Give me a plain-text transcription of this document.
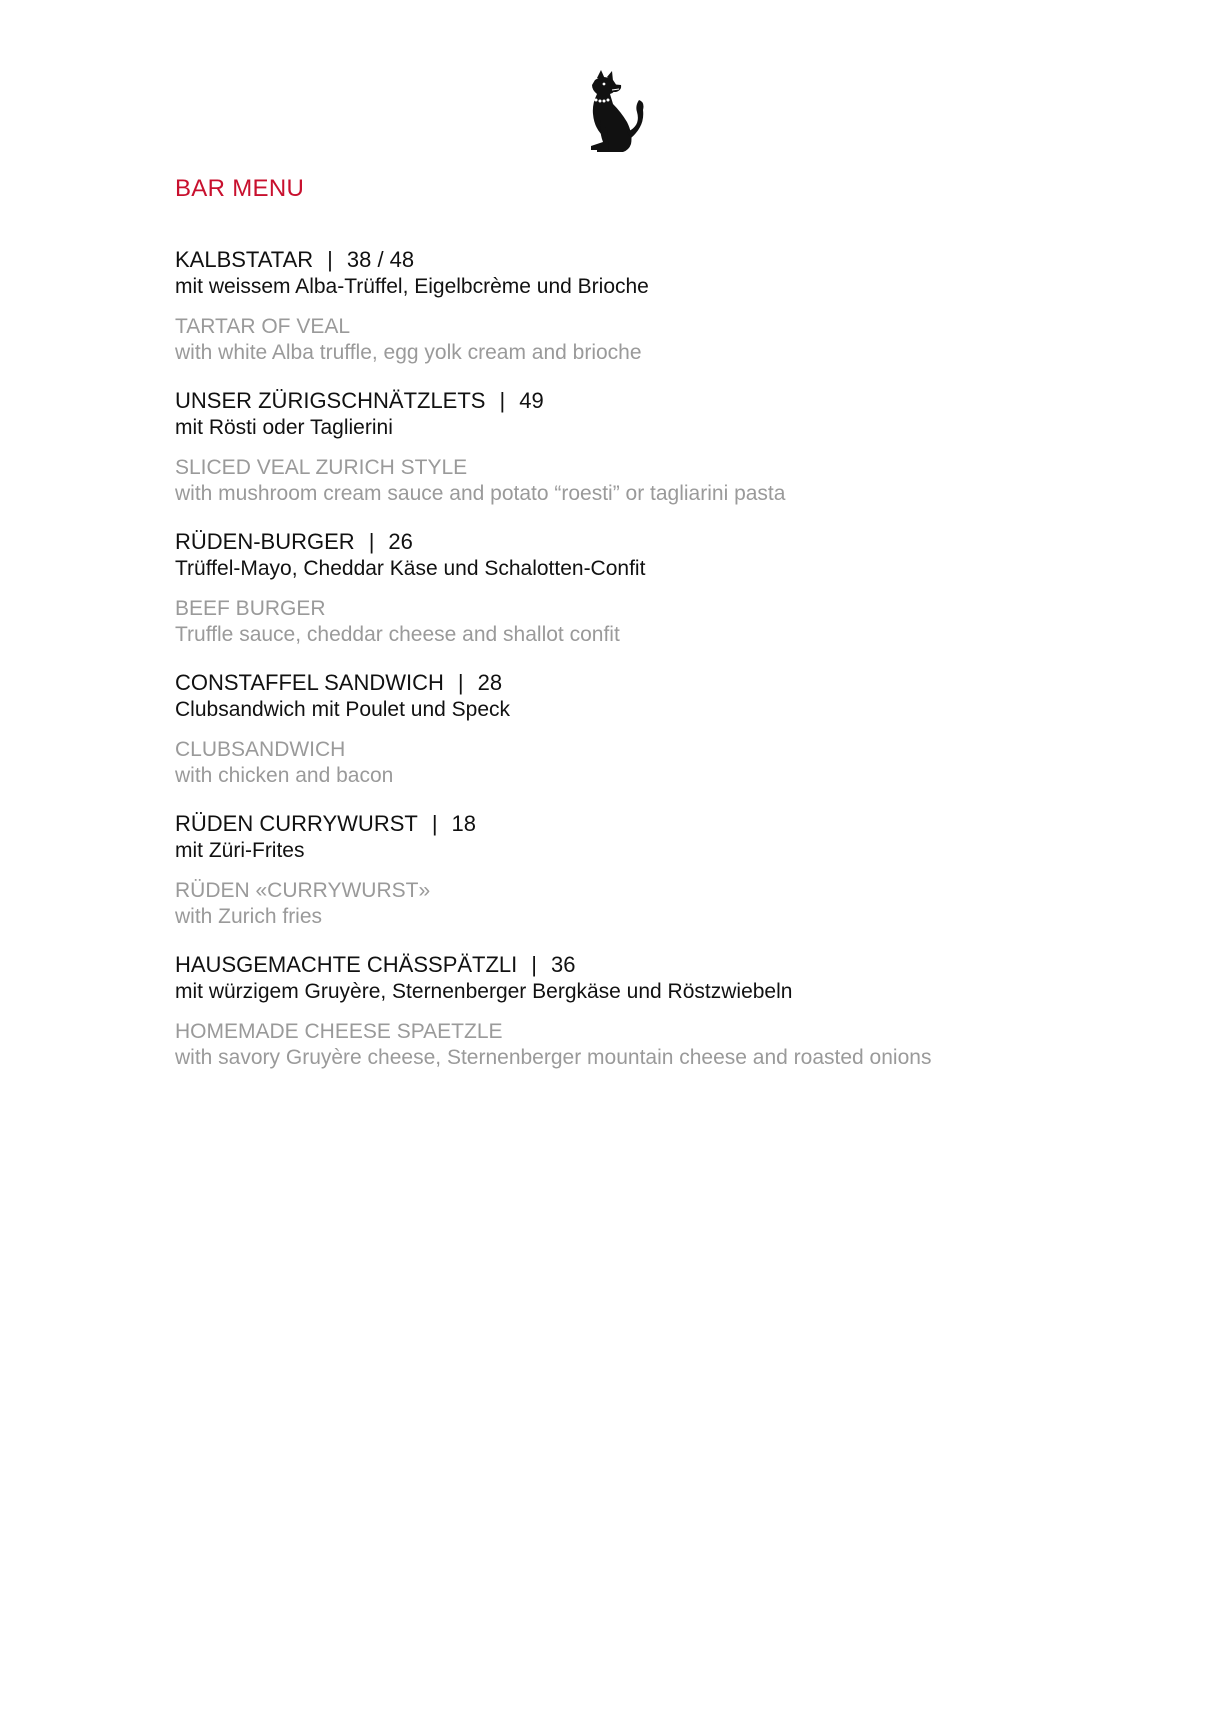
BAR MENU
KALBSTATAR | 38 / 48
mit weissem Alba-Trüffel, Eigelbcrème und Brioche
TARTAR OF VEAL
with white Alba truffle, egg yolk cream and brioche
UNSER ZÜRIGSCHNÄTZLETS | 49
mit Rösti oder Taglierini
SLICED VEAL ZURICH STYLE
with mushroom cream sauce and potato “roesti” or tagliarini pasta
RÜDEN-BURGER | 26
Trüffel-Mayo, Cheddar Käse und Schalotten-Confit
BEEF BURGER
Truffle sauce, cheddar cheese and shallot confit
CONSTAFFEL SANDWICH | 28
Clubsandwich mit Poulet und Speck
CLUBSANDWICH
with chicken and bacon
RÜDEN CURRYWURST | 18
mit Züri-Frites
RÜDEN «CURRYWURST»
with Zurich fries
HAUSGEMACHTE CHÄSSPÄTZLI | 36
mit würzigem Gruyère, Sternenberger Bergkäse und Röstzwiebeln
HOMEMADE CHEESE SPAETZLE
with savory Gruyère cheese, Sternenberger mountain cheese and roasted onions
